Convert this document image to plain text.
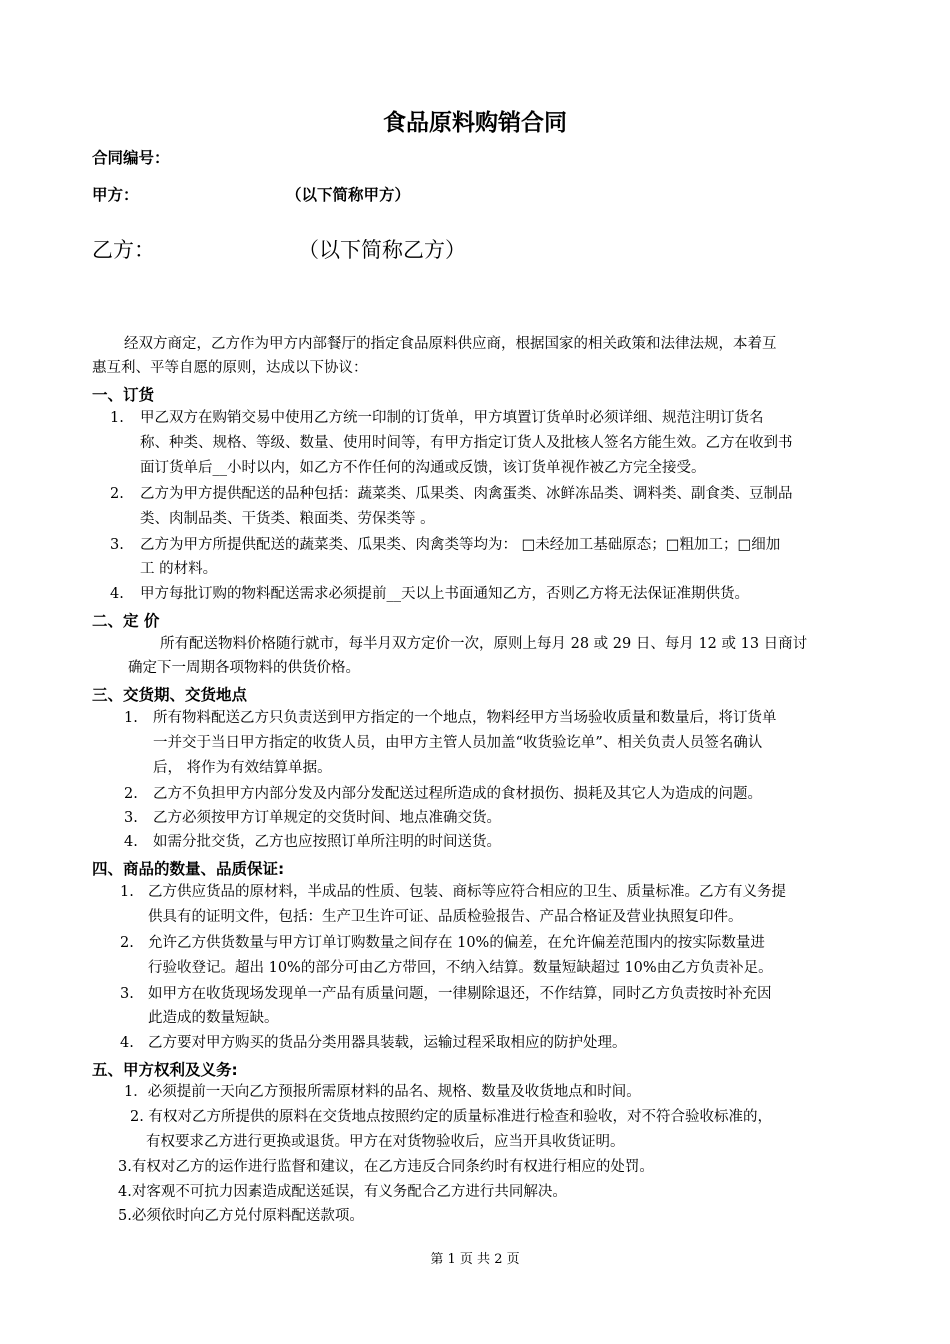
食品原料购销合同
合同编号：
甲方：	（以下简称甲方）
乙方：	（以下简称乙方）
经双方商定，乙方作为甲方内部餐厅的指定食品原料供应商，根据国家的相关政策和法律法规，本着互
惠互利、平等自愿的原则，达成以下协议：
一、订货
1. 甲乙双方在购销交易中使用乙方统一印制的订货单，甲方填置订货单时必须详细、规范注明订货名
称、种类、规格、等级、数量、使用时间等，有甲方指定订货人及批核人签名方能生效。乙方在收到书
面订货单后__小时以内，如乙方不作任何的沟通或反馈，该订货单视作被乙方完全接受。
2. 乙方为甲方提供配送的品种包括：蔬菜类、瓜果类、肉禽蛋类、冰鲜冻品类、调料类、副食类、豆制品
类、肉制品类、干货类、粮面类、劳保类等 。
3. 乙方为甲方所提供配送的蔬菜类、瓜果类、肉禽类等均为： □未经加工基础原态；□粗加工；□细加
工 的材料。
4. 甲方每批订购的物料配送需求必须提前__天以上书面通知乙方，否则乙方将无法保证准期供货。
二、定 价
所有配送物料价格随行就市，每半月双方定价一次，原则上每月 28 或 29 日、每月 12 或 13 日商讨
确定下一周期各项物料的供货价格。
三、交货期、交货地点
1. 所有物料配送乙方只负责送到甲方指定的一个地点，物料经甲方当场验收质量和数量后，将订货单
一并交于当日甲方指定的收货人员，由甲方主管人员加盖“收货验讫单”、相关负责人员签名确认
后， 将作为有效结算单据。
2. 乙方不负担甲方内部分发及内部分发配送过程所造成的食材损伤、损耗及其它人为造成的问题。
3. 乙方必须按甲方订单规定的交货时间、地点准确交货。
4. 如需分批交货，乙方也应按照订单所注明的时间送货。
四、商品的数量、品质保证:
1. 乙方供应货品的原材料，半成品的性质、包装、商标等应符合相应的卫生、质量标准。乙方有义务提
供具有的证明文件，包括：生产卫生许可证、品质检验报告、产品合格证及营业执照复印件。
2. 允许乙方供货数量与甲方订单订购数量之间存在 10%的偏差，在允许偏差范围内的按实际数量进
行验收登记。超出 10%的部分可由乙方带回，不纳入结算。数量短缺超过 10%由乙方负责补足。
3. 如甲方在收货现场发现单一产品有质量问题，一律剔除退还，不作结算，同时乙方负责按时补充因
此造成的数量短缺。
4. 乙方要对甲方购买的货品分类用器具装载，运输过程采取相应的防护处理。
五、甲方权利及义务:
1．必须提前一天向乙方预报所需原材料的品名、规格、数量及收货地点和时间。
2. 有权对乙方所提供的原料在交货地点按照约定的质量标准进行检查和验收，对不符合验收标准的，
有权要求乙方进行更换或退货。甲方在对货物验收后，应当开具收货证明。
3.有权对乙方的运作进行监督和建议，在乙方违反合同条约时有权进行相应的处罚。
4.对客观不可抗力因素造成配送延误，有义务配合乙方进行共同解决。
5.必须依时向乙方兑付原料配送款项。
第 1 页 共 2 页
